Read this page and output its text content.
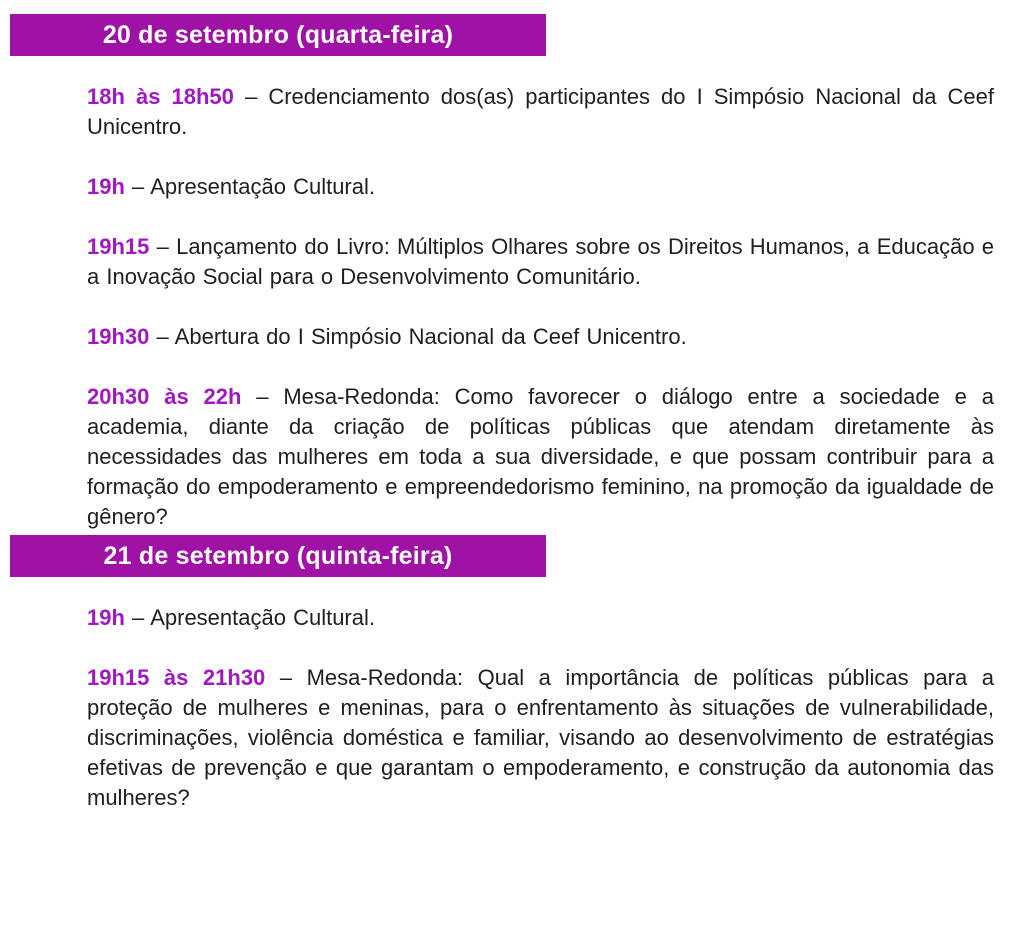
20 de setembro (quarta-feira)

18h às 18h50 – Credenciamento dos(as) participantes do I Simpósio Nacional da Ceef Unicentro.

19h – Apresentação Cultural.

19h15 – Lançamento do Livro: Múltiplos Olhares sobre os Direitos Humanos, a Educação e a Inovação Social para o Desenvolvimento Comunitário.

19h30 – Abertura do I Simpósio Nacional da Ceef Unicentro.

20h30 às 22h – Mesa-Redonda: Como favorecer o diálogo entre a sociedade e a academia, diante da criação de políticas públicas que atendam diretamente às necessidades das mulheres em toda a sua diversidade, e que possam contribuir para a formação do empoderamento e empreendedorismo feminino, na promoção da igualdade de gênero?

21 de setembro (quinta-feira)

19h – Apresentação Cultural.

19h15 às 21h30 – Mesa-Redonda: Qual a importância de políticas públicas para a proteção de mulheres e meninas, para o enfrentamento às situações de vulnerabilidade, discriminações, violência doméstica e familiar, visando ao desenvolvimento de estratégias efetivas de prevenção e que garantam o empoderamento, e construção da autonomia das mulheres?
